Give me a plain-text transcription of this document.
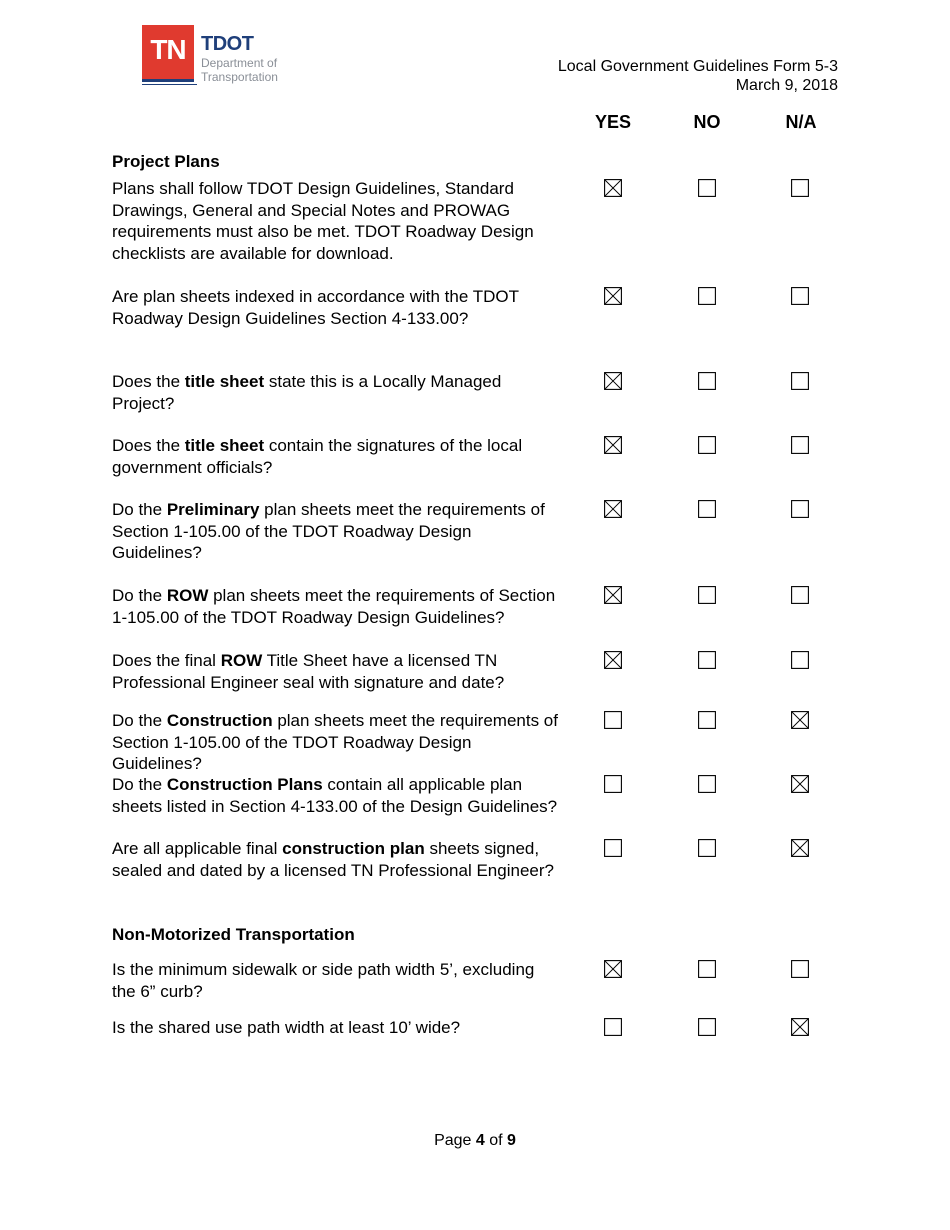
TN TDOT
Department of
Transportation
Local Government Guidelines Form 5-3
March 9, 2018
YES	NO	N/A
Project Plans
Non-Motorized Transportation
Plans shall follow TDOT Design Guidelines, Standard Drawings, General and Special Notes and PROWAG requirements must also be met. TDOT Roadway Design checklists are available for download.
Are plan sheets indexed in accordance with the TDOT Roadway Design Guidelines Section 4-133.00?
Does the title sheet state this is a Locally Managed Project?
Does the title sheet contain the signatures of the local government officials?
Do the Preliminary plan sheets meet the requirements of Section 1-105.00 of the TDOT Roadway Design Guidelines?
Do the ROW plan sheets meet the requirements of Section 1-105.00 of the TDOT Roadway Design Guidelines?
Does the final ROW Title Sheet have a licensed TN Professional Engineer seal with signature and date?
Do the Construction plan sheets meet the requirements of Section 1-105.00 of the TDOT Roadway Design Guidelines?
Do the Construction Plans contain all applicable plan sheets listed in Section 4-133.00 of the Design Guidelines?
Are all applicable final construction plan sheets signed, sealed and dated by a licensed TN Professional Engineer?
Is the minimum sidewalk or side path width 5’, excluding the 6” curb?
Is the shared use path width at least 10’ wide?
Page 4 of 9
